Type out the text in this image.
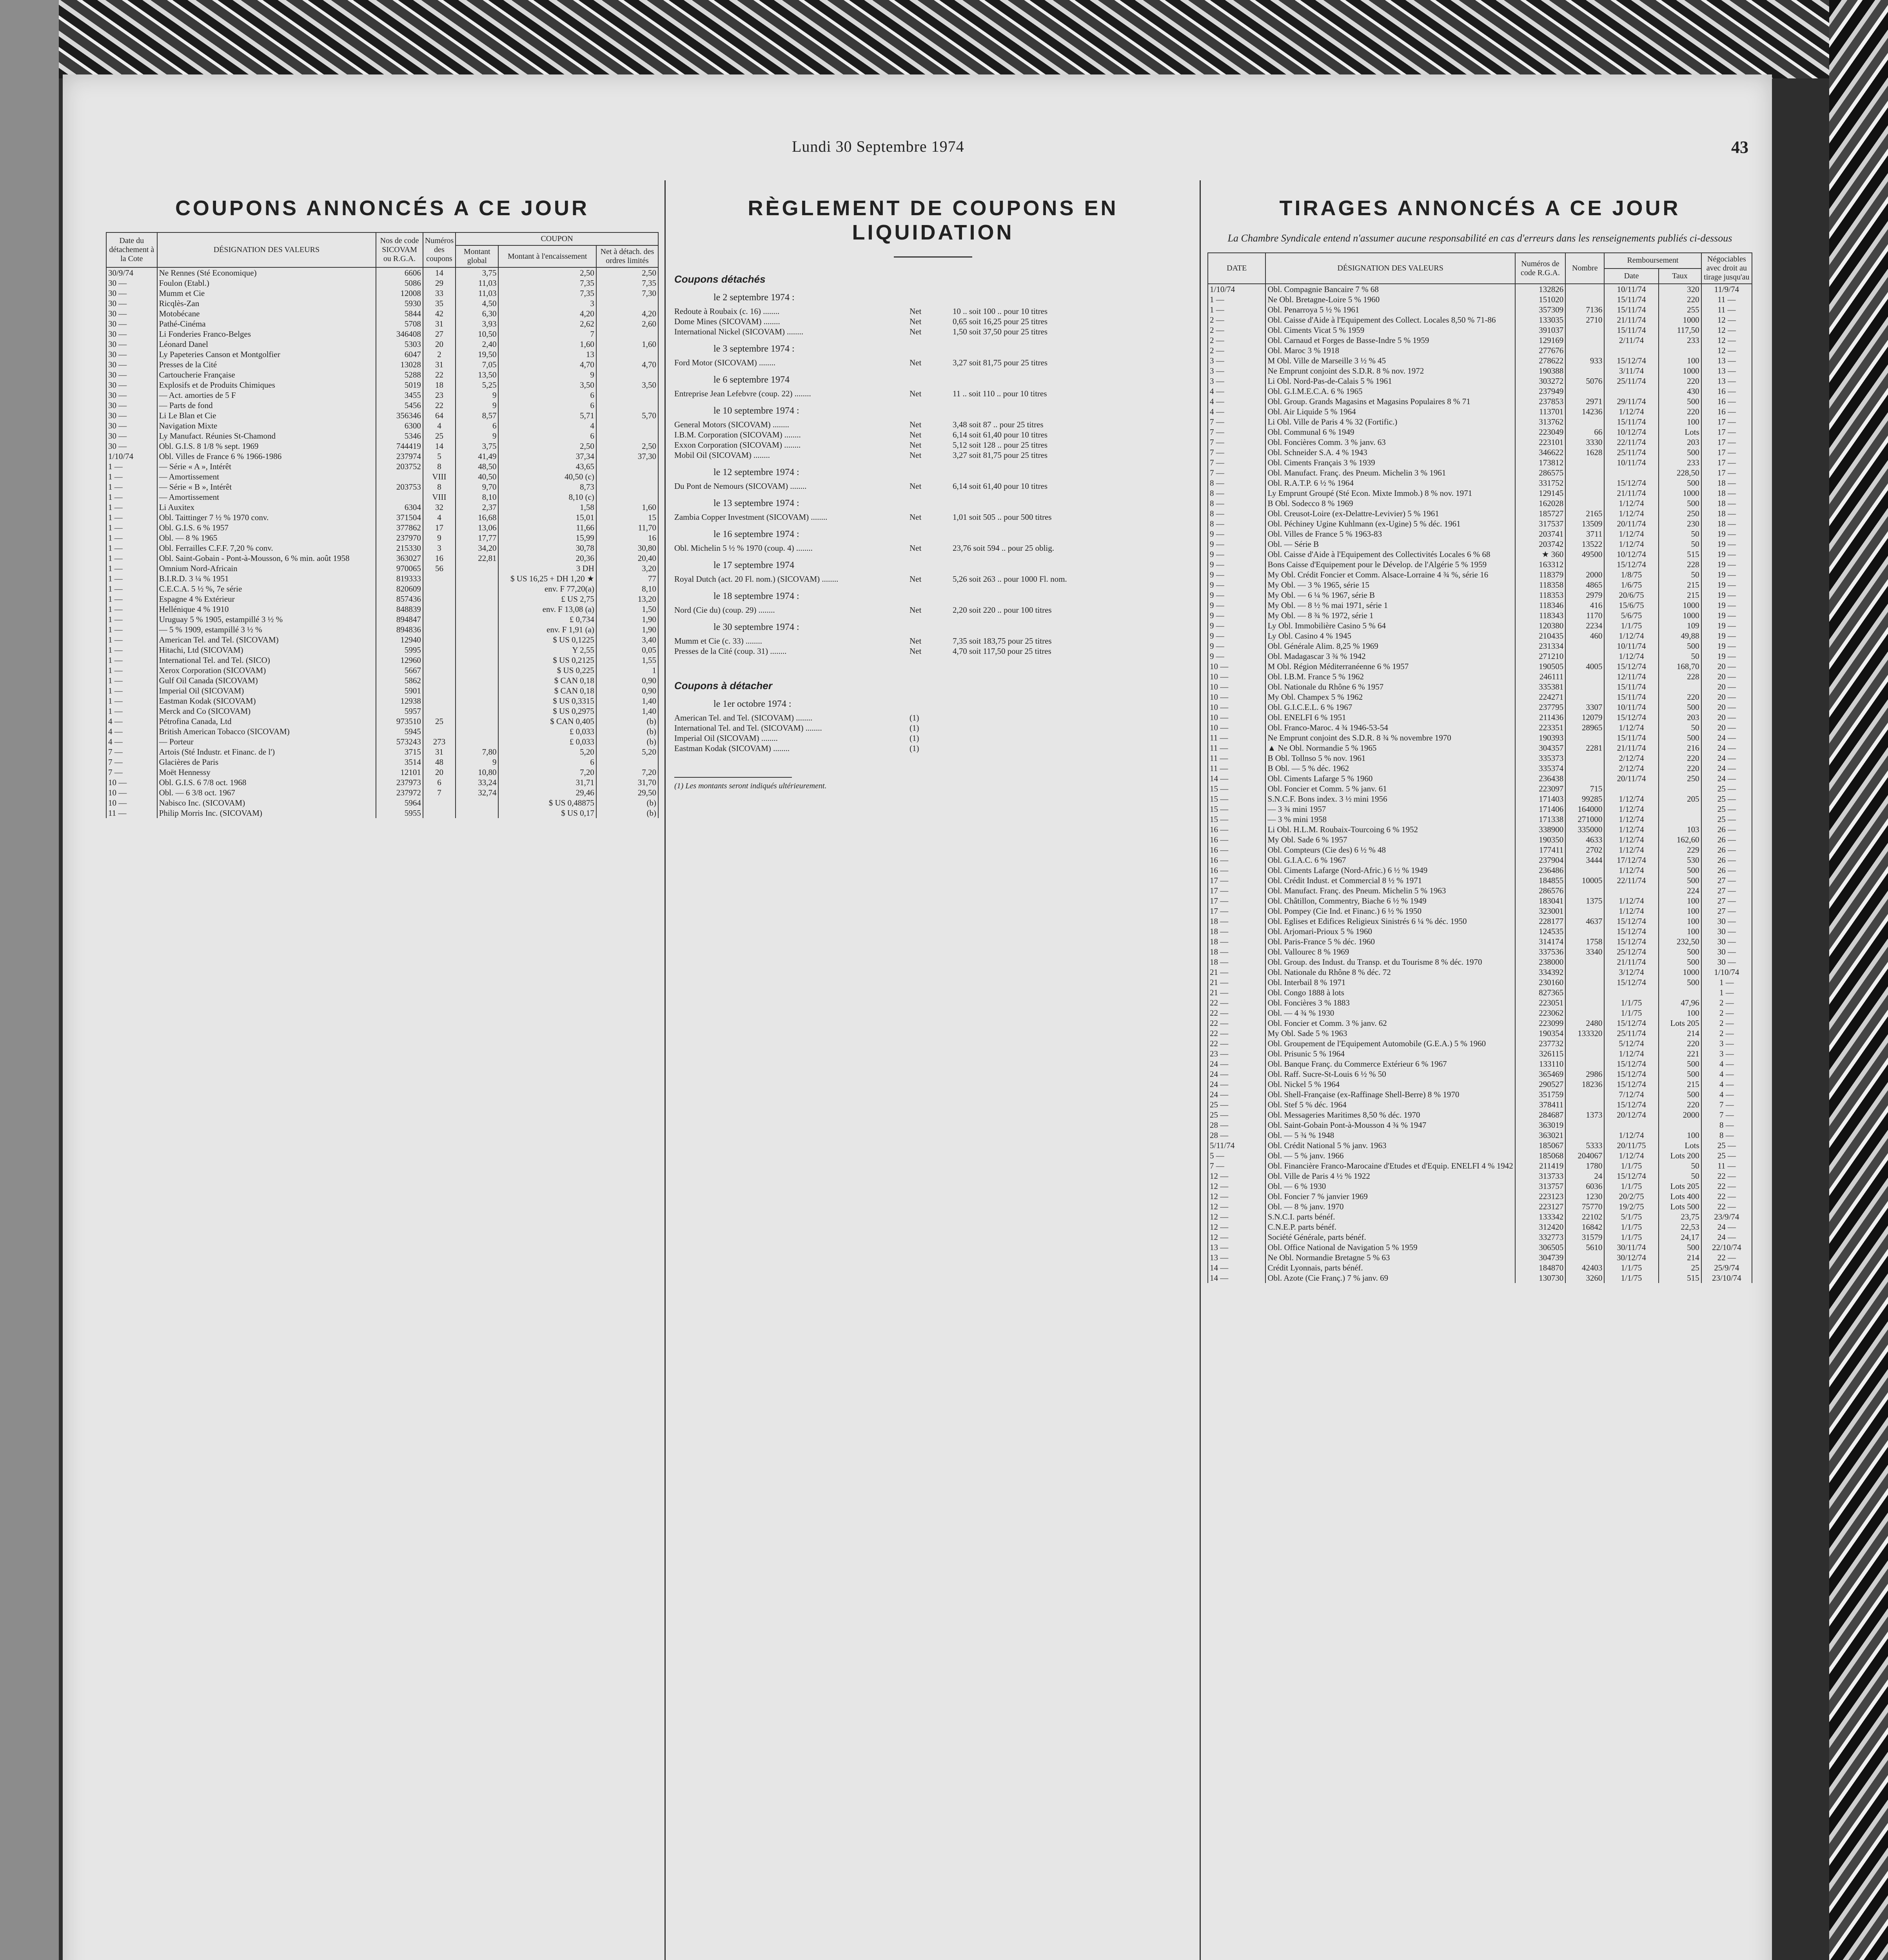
Lundi 30 Septembre 1974	43
COUPONS ANNONCÉS A CE JOUR
Date du détachement à la Cote	DÉSIGNATION DES VALEURS	Nos de code SICOVAM ou R.G.A.	Numéros des coupons	COUPON		
				Montant global	Montant à l'encaissement	Net à détach. des ordres limités
30/9/74	Ne Rennes (Sté Economique)	6606	14	3,75	2,50	2,50
30 —	Foulon (Etabl.)	5086	29	11,03	7,35	7,35
30 —	Mumm et Cie	12008	33	11,03	7,35	7,30
30 —	Ricqlès-Zan	5930	35	4,50	3	
30 —	Motobécane	5844	42	6,30	4,20	4,20
30 —	Pathé-Cinéma	5708	31	3,93	2,62	2,60
30 —	Li Fonderies Franco-Belges	346408	27	10,50	7	
30 —	Léonard Danel	5303	20	2,40	1,60	1,60
30 —	Ly Papeteries Canson et Montgolfier	6047	2	19,50	13	
30 —	Presses de la Cité	13028	31	7,05	4,70	4,70
30 —	Cartoucherie Française	5288	22	13,50	9	
30 —	Explosifs et de Produits Chimiques	5019	18	5,25	3,50	3,50
30 —	— Act. amorties de 5 F	3455	23	9	6	
30 —	— Parts de fond	5456	22	9	6	
30 —	Li Le Blan et Cie	356346	64	8,57	5,71	5,70
30 —	Navigation Mixte	6300	4	6	4	
30 —	Ly Manufact. Réunies St-Chamond	5346	25	9	6	
30 —	Obl. G.I.S. 8 1/8 % sept. 1969	744419	14	3,75	2,50	2,50
1/10/74	Obl. Villes de France 6 % 1966-1986	237974	5	41,49	37,34	37,30
1 —	— Série « A », Intérêt	203752	8	48,50	43,65	
1 —	— Amortissement		VIII	40,50	40,50 (c)	
1 —	— Série « B », Intérêt	203753	8	9,70	8,73	
1 —	— Amortissement		VIII	8,10	8,10 (c)	
1 —	Li Auxitex	6304	32	2,37	1,58	1,60
1 —	Obl. Taittinger 7 ½ % 1970 conv.	371504	4	16,68	15,01	15
1 —	Obl. G.I.S. 6 % 1957	377862	17	13,06	11,66	11,70
1 —	Obl. — 8 % 1965	237970	9	17,77	15,99	16
1 —	Obl. Ferrailles C.F.F. 7,20 % conv.	215330	3	34,20	30,78	30,80
1 —	Obl. Saint-Gobain - Pont-à-Mousson, 6 % min. août 1958	363027	16	22,81	20,36	20,40
1 —	Omnium Nord-Africain	970065	56		3 DH	3,20
1 —	B.I.R.D. 3 ¼ % 1951	819333			$ US 16,25 + DH 1,20 ★	77
1 —	C.E.C.A. 5 ½ %, 7e série	820609			env. F 77,20(a)	8,10
1 —	Espagne 4 % Extérieur	857436			£ US 2,75	13,20
1 —	Hellénique 4 % 1910	848839			env. F 13,08 (a)	1,50
1 —	Uruguay 5 % 1905, estampillé 3 ½ %	894847			£ 0,734	1,90
1 —	— 5 % 1909, estampillé 3 ½ %	894836			env. F 1,91 (a)	1,90
1 —	American Tel. and Tel. (SICOVAM)	12940			$ US 0,1225	3,40
1 —	Hitachi, Ltd (SICOVAM)	5995			Y 2,55	0,05
1 —	International Tel. and Tel. (SICO)	12960			$ US 0,2125	1,55
1 —	Xerox Corporation (SICOVAM)	5667			$ US 0,225	1
1 —	Gulf Oil Canada (SICOVAM)	5862			$ CAN 0,18	0,90
1 —	Imperial Oil (SICOVAM)	5901			$ CAN 0,18	0,90
1 —	Eastman Kodak (SICOVAM)	12938			$ US 0,3315	1,40
1 —	Merck and Co (SICOVAM)	5957			$ US 0,2975	1,40
4 —	Pétrofina Canada, Ltd	973510	25		$ CAN 0,405	(b)
4 —	British American Tobacco (SICOVAM)	5945			£ 0,033	(b)
4 —	— Porteur	573243	273		£ 0,033	(b)
7 —	Artois (Sté Industr. et Financ. de l')	3715	31	7,80	5,20	5,20
7 —	Glacières de Paris	3514	48	9	6	
7 —	Moët Hennessy	12101	20	10,80	7,20	7,20
10 —	Obl. G.I.S. 6 7/8 oct. 1968	237973	6	33,24	31,71	31,70
10 —	Obl. — 6 3/8 oct. 1967	237972	7	32,74	29,46	29,50
10 —	Nabisco Inc. (SICOVAM)	5964			$ US 0,48875	(b)
11 —	Philip Morris Inc. (SICOVAM)	5955			$ US 0,17	(b)
RÈGLEMENT DE COUPONS EN LIQUIDATION
Coupons détachés
le 2 septembre 1974 :
Redoute à Roubaix (c. 16) ........	Net	10 .. soit 100 .. pour 10 titres
Dome Mines (SICOVAM) ........	Net	0,65 soit 16,25 pour 25 titres
International Nickel (SICOVAM) ........	Net	1,50 soit 37,50 pour 25 titres
le 3 septembre 1974 :
Ford Motor (SICOVAM) ........	Net	3,27 soit 81,75 pour 25 titres
le 6 septembre 1974
Entreprise Jean Lefebvre (coup. 22) ........	Net	11 .. soit 110 .. pour 10 titres
le 10 septembre 1974 :
General Motors (SICOVAM) ........	Net	3,48 soit 87 .. pour 25 titres
I.B.M. Corporation (SICOVAM) ........	Net	6,14 soit 61,40 pour 10 titres
Exxon Corporation (SICOVAM) ........	Net	5,12 soit 128 .. pour 25 titres
Mobil Oil (SICOVAM) ........	Net	3,27 soit 81,75 pour 25 titres
le 12 septembre 1974 :
Du Pont de Nemours (SICOVAM) ........	Net	6,14 soit 61,40 pour 10 titres
le 13 septembre 1974 :
Zambia Copper Investment (SICOVAM) ........	Net	1,01 soit 505 .. pour 500 titres
le 16 septembre 1974 :
Obl. Michelin 5 ½ % 1970 (coup. 4) ........	Net	23,76 soit 594 .. pour 25 oblig.
le 17 septembre 1974
Royal Dutch (act. 20 Fl. nom.) (SICOVAM) ........	Net	5,26 soit 263 .. pour 1000 Fl. nom.
le 18 septembre 1974 :
Nord (Cie du) (coup. 29) ........	Net	2,20 soit 220 .. pour 100 titres
le 30 septembre 1974 :
Mumm et Cie (c. 33) ........	Net	7,35 soit 183,75 pour 25 titres
Presses de la Cité (coup. 31) ........	Net	4,70 soit 117,50 pour 25 titres
Coupons à détacher
le 1er octobre 1974 :
American Tel. and Tel. (SICOVAM) ........	(1)
International Tel. and Tel. (SICOVAM) ........	(1)
Imperial Oil (SICOVAM) ........	(1)
Eastman Kodak (SICOVAM) ........	(1)
(1) Les montants seront indiqués ultérieurement.
TIRAGES ANNONCÉS A CE JOUR
La Chambre Syndicale entend n'assumer aucune responsabilité en cas d'erreurs dans les renseignements publiés ci-dessous
DATE	DÉSIGNATION DES VALEURS	Numéros de code R.G.A.	Nombre	Remboursement		Négociables avec droit au tirage jusqu'au
				Date	Taux	
1/10/74	Obl. Compagnie Bancaire 7 % 68	132826		10/11/74	320	11/9/74
1 —	Ne Obl. Bretagne-Loire 5 % 1960	151020		15/11/74	220	11 —
1 —	Obl. Penarroya 5 ½ % 1961	357309	7136	15/11/74	255	11 —
2 —	Obl. Caisse d'Aide à l'Equipement des Collect. Locales 8,50 % 71-86	133035	2710	21/11/74	1000	12 —
2 —	Obl. Ciments Vicat 5 % 1959	391037		15/11/74	117,50	12 —
2 —	Obl. Carnaud et Forges de Basse-Indre 5 % 1959	129169		2/11/74	233	12 —
2 —	Obl. Maroc 3 % 1918	277676				12 —
3 —	M Obl. Ville de Marseille 3 ½ % 45	278622	933	15/12/74	100	13 —
3 —	Ne Emprunt conjoint des S.D.R. 8 % nov. 1972	190388		3/11/74	1000	13 —
3 —	Li Obl. Nord-Pas-de-Calais 5 % 1961	303272	5076	25/11/74	220	13 —
4 —	Obl. G.I.M.E.C.A. 6 % 1965	237949			430	16 —
4 —	Obl. Group. Grands Magasins et Magasins Populaires 8 % 71	237853	2971	29/11/74	500	16 —
4 —	Obl. Air Liquide 5 % 1964	113701	14236	1/12/74	220	16 —
7 —	Li Obl. Ville de Paris 4 % 32 (Fortific.)	313762		15/11/74	100	17 —
7 —	Obl. Communal 6 % 1949	223049	66	10/12/74	Lots	17 —
7 —	Obl. Foncières Comm. 3 % janv. 63	223101	3330	22/11/74	203	17 —
7 —	Obl. Schneider S.A. 4 % 1943	346622	1628	25/11/74	500	17 —
7 —	Obl. Ciments Français 3 % 1939	173812		10/11/74	233	17 —
7 —	Obl. Manufact. Franç. des Pneum. Michelin 3 % 1961	286575			228,50	17 —
8 —	Obl. R.A.T.P. 6 ½ % 1964	331752		15/12/74	500	18 —
8 —	Ly Emprunt Groupé (Sté Econ. Mixte Immob.) 8 % nov. 1971	129145		21/11/74	1000	18 —
8 —	B Obl. Sodecco 8 % 1969	162028		1/12/74	500	18 —
8 —	Obl. Creusot-Loire (ex-Delattre-Levivier) 5 % 1961	185727	2165	1/12/74	250	18 —
8 —	Obl. Péchiney Ugine Kuhlmann (ex-Ugine) 5 % déc. 1961	317537	13509	20/11/74	230	18 —
9 —	Obl. Villes de France 5 % 1963-83	203741	3711	1/12/74	50	19 —
9 —	Obl. — Série B	203742	13522	1/12/74	50	19 —
9 —	Obl. Caisse d'Aide à l'Equipement des Collectivités Locales 6 % 68	★ 360	49500	10/12/74	515	19 —
9 —	Bons Caisse d'Equipement pour le Dévelop. de l'Algérie 5 % 1959	163312		15/12/74	228	19 —
9 —	My Obl. Crédit Foncier et Comm. Alsace-Lorraine 4 ¾ %, série 16	118379	2000	1/8/75	50	19 —
9 —	My Obl. — 3 % 1965, série 15	118358	4865	1/6/75	215	19 —
9 —	My Obl. — 6 ¼ % 1967, série B	118353	2979	20/6/75	215	19 —
9 —	My Obl. — 8 ½ % mai 1971, série 1	118346	416	15/6/75	1000	19 —
9 —	My Obl. — 8 ¾ % 1972, série 1	118343	1170	5/6/75	1000	19 —
9 —	Ly Obl. Immobilière Casino 5 % 64	120380	2234	1/1/75	109	19 —
9 —	Ly Obl. Casino 4 % 1945	210435	460	1/12/74	49,88	19 —
9 —	Obl. Générale Alim. 8,25 % 1969	231334		10/11/74	500	19 —
9 —	Obl. Madagascar 3 ¾ % 1942	271210		1/12/74	50	19 —
10 —	M Obl. Région Méditerranéenne 6 % 1957	190505	4005	15/12/74	168,70	20 —
10 —	Obl. I.B.M. France 5 % 1962	246111		12/11/74	228	20 —
10 —	Obl. Nationale du Rhône 6 % 1957	335381		15/11/74		20 —
10 —	My Obl. Champex 5 % 1962	224271		15/11/74	220	20 —
10 —	Obl. G.I.C.E.L. 6 % 1967	237795	3307	10/11/74	500	20 —
10 —	Obl. ENELFI 6 % 1951	211436	12079	15/12/74	203	20 —
10 —	Obl. Franco-Maroc. 4 ¾ 1946-53-54	223351	28965	1/12/74	50	20 —
11 —	Ne Emprunt conjoint des S.D.R. 8 ¾ % novembre 1970	190393		15/11/74	500	24 —
11 —	▲ Ne Obl. Normandie 5 % 1965	304357	2281	21/11/74	216	24 —
11 —	B Obl. Tollnso 5 % nov. 1961	335373		2/12/74	220	24 —
11 —	B Obl. — 5 % déc. 1962	335374		2/12/74	220	24 —
14 —	Obl. Ciments Lafarge 5 % 1960	236438		20/11/74	250	24 —
15 —	Obl. Foncier et Comm. 5 % janv. 61	223097	715			25 —
15 —	S.N.C.F. Bons index. 3 ½ mini 1956	171403	99285	1/12/74	205	25 —
15 —	— 3 ¾ mini 1957	171406	164000	1/12/74		25 —
15 —	— 3 % mini 1958	171338	271000	1/12/74		25 —
16 —	Li Obl. H.L.M. Roubaix-Tourcoing 6 % 1952	338900	335000	1/12/74	103	26 —
16 —	My Obl. Sade 6 % 1957	190350	4633	1/12/74	162,60	26 —
16 —	Obl. Compteurs (Cie des) 6 ½ % 48	177411	2702	1/12/74	229	26 —
16 —	Obl. G.I.A.C. 6 % 1967	237904	3444	17/12/74	530	26 —
16 —	Obl. Ciments Lafarge (Nord-Afric.) 6 ½ % 1949	236486		1/12/74	500	26 —
17 —	Obl. Crédit Indust. et Commercial 8 ½ % 1971	184855	10005	22/11/74	500	27 —
17 —	Obl. Manufact. Franç. des Pneum. Michelin 5 % 1963	286576			224	27 —
17 —	Obl. Châtillon, Commentry, Biache 6 ½ % 1949	183041	1375	1/12/74	100	27 —
17 —	Obl. Pompey (Cie Ind. et Financ.) 6 ½ % 1950	323001		1/12/74	100	27 —
18 —	Obl. Eglises et Edifices Religieux Sinistrés 6 ¼ % déc. 1950	228177	4637	15/12/74	100	30 —
18 —	Obl. Arjomari-Prioux 5 % 1960	124535		15/12/74	100	30 —
18 —	Obl. Paris-France 5 % déc. 1960	314174	1758	15/12/74	232,50	30 —
18 —	Obl. Vallourec 8 % 1969	337536	3340	25/12/74	500	30 —
18 —	Obl. Group. des Indust. du Transp. et du Tourisme 8 % déc. 1970	238000		21/11/74	500	30 —
21 —	Obl. Nationale du Rhône 8 % déc. 72	334392		3/12/74	1000	1/10/74
21 —	Obl. Interbail 8 % 1971	230160		15/12/74	500	1 —
21 —	Obl. Congo 1888 à lots	827365				1 —
22 —	Obl. Foncières 3 % 1883	223051		1/1/75	47,96	2 —
22 —	Obl. — 4 ¾ % 1930	223062		1/1/75	100	2 —
22 —	Obl. Foncier et Comm. 3 % janv. 62	223099	2480	15/12/74	Lots 205	2 —
22 —	My Obl. Sade 5 % 1963	190354	133320	25/11/74	214	2 —
22 —	Obl. Groupement de l'Equipement Automobile (G.E.A.) 5 % 1960	237732		5/12/74	220	3 —
23 —	Obl. Prisunic 5 % 1964	326115		1/12/74	221	3 —
24 —	Obl. Banque Franç. du Commerce Extérieur 6 % 1967	133110		15/12/74	500	4 —
24 —	Obl. Raff. Sucre-St-Louis 6 ½ % 50	365469	2986	15/12/74	500	4 —
24 —	Obl. Nickel 5 % 1964	290527	18236	15/12/74	215	4 —
24 —	Obl. Shell-Française (ex-Raffinage Shell-Berre) 8 % 1970	351759		7/12/74	500	4 —
25 —	Obl. Stef 5 % déc. 1964	378411		15/12/74	220	7 —
25 —	Obl. Messageries Maritimes 8,50 % déc. 1970	284687	1373	20/12/74	2000	7 —
28 —	Obl. Saint-Gobain Pont-à-Mousson 4 ¾ % 1947	363019				8 —
28 —	Obl. — 5 ¾ % 1948	363021		1/12/74	100	8 —
5/11/74	Obl. Crédit National 5 % janv. 1963	185067	5333	20/11/75	Lots	25 —
5 —	Obl. — 5 % janv. 1966	185068	204067	1/12/74	Lots 200	25 —
7 —	Obl. Financière Franco-Marocaine d'Etudes et d'Equip. ENELFI 4 % 1942	211419	1780	1/1/75	50	11 —
12 —	Obl. Ville de Paris 4 ½ % 1922	313733	24	15/12/74	50	22 —
12 —	Obl. — 6 % 1930	313757	6036	1/1/75	Lots 205	22 —
12 —	Obl. Foncier 7 % janvier 1969	223123	1230	20/2/75	Lots 400	22 —
12 —	Obl. — 8 % janv. 1970	223127	75770	19/2/75	Lots 500	22 —
12 —	S.N.C.I. parts bénéf.	133342	22102	5/1/75	23,75	23/9/74
12 —	C.N.E.P. parts bénéf.	312420	16842	1/1/75	22,53	24 —
12 —	Société Générale, parts bénéf.	332773	31579	1/1/75	24,17	24 —
13 —	Obl. Office National de Navigation 5 % 1959	306505	5610	30/11/74	500	22/10/74
13 —	Ne Obl. Normandie Bretagne 5 % 63	304739		30/12/74	214	22 —
14 —	Crédit Lyonnais, parts bénéf.	184870	42403	1/1/75	25	25/9/74
14 —	Obl. Azote (Cie Franç.) 7 % janv. 69	130730	3260	1/1/75	515	23/10/74
